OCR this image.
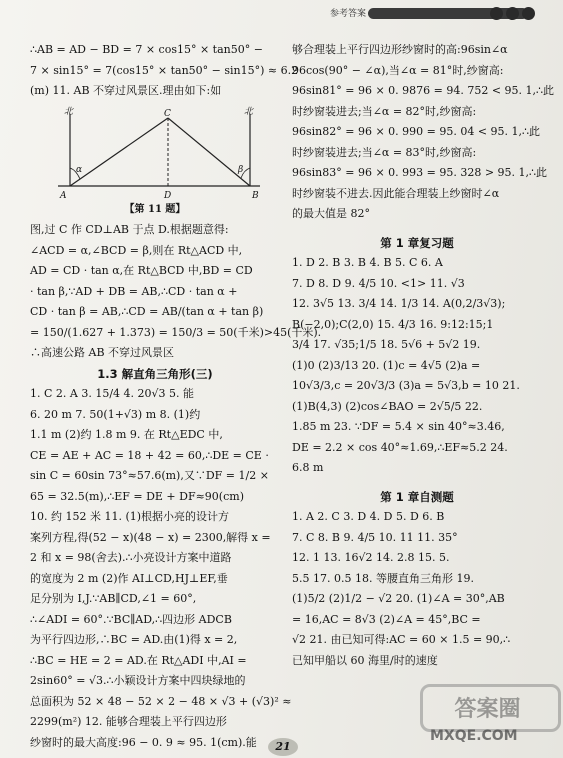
参考答案

∴AB = AD − BD = 7 × cos15° × tan50° −

7 × sin15° = 7(cos15° × tan50° − sin15°) ≈ 6.2

(m) 11. AB 不穿过风景区.理由如下:如

北	北
C
A	D	B
α	β

【第 11 题】

图,过 C 作 CD⊥AB 于点 D.根据题意得:

∠ACD = α,∠BCD = β,则在 Rt△ACD 中,

AD = CD · tan α,在 Rt△BCD 中,BD = CD

· tan β,∵AD + DB = AB,∴CD · tan α +

CD · tan β = AB,∴CD = AB/(tan α + tan β)

= 150/(1.627 + 1.373) = 150/3 = 50(千米)>45(千米).

∴高速公路 AB 不穿过风景区

1.3 解直角三角形(三)

1. C 2. A 3. 15/4 4. 20√3 5. 能

6. 20 m 7. 50(1+√3) m 8. (1)约

1.1 m (2)约 1.8 m 9. 在 Rt△EDC 中,

CE = AE + AC = 18 + 42 = 60,∴DE = CE ·

sin C = 60sin 73°≈57.6(m),又∵DF = 1/2 ×

65 = 32.5(m),∴EF = DE + DF≈90(cm)

10. 约 152 米 11. (1)根据小亮的设计方

案列方程,得(52 − x)(48 − x) = 2300,解得 x =

2 和 x = 98(舍去).∴小亮设计方案中道路

的宽度为 2 m (2)作 AI⊥CD,HJ⊥EF,垂

足分别为 I,J.∵AB∥CD,∠1 = 60°,

∴∠ADI = 60°.∵BC∥AD,∴四边形 ADCB

为平行四边形,∴BC = AD.由(1)得 x = 2,

∴BC = HE = 2 = AD.在 Rt△ADI 中,AI =

2sin60° = √3.∴小颖设计方案中四块绿地的

总面积为 52 × 48 − 52 × 2 − 48 × √3 + (√3)² ≈

2299(m²) 12. 能够合理装上平行四边形

纱窗时的最大高度:96 − 0. 9 ≈ 95. 1(cm).能

够合理装上平行四边形纱窗时的高:96sin∠α

96cos(90° − ∠α),当∠α = 81°时,纱窗高:

96sin81° = 96 × 0. 9876 = 94. 752 < 95. 1,∴此

时纱窗装进去;当∠α = 82°时,纱窗高:

96sin82° = 96 × 0. 990 = 95. 04 < 95. 1,∴此

时纱窗装进去;当∠α = 83°时,纱窗高:

96sin83° = 96 × 0. 993 = 95. 328 > 95. 1,∴此

时纱窗装不进去.因此能合理装上纱窗时∠α

的最大值是 82°

第 1 章复习题

1. D 2. B 3. B 4. B 5. C 6. A

7. D 8. D 9. 4/5 10. <1> 11. √3

12. 3√5 13. 3/4 14. 1/3 14. A(0,2/3√3);

B(−2,0);C(2,0) 15. 4/3 16. 9:12:15;1

3/4 17. √35;1/5 18. 5√6 + 5√2 19.

(1)0 (2)3/13 20. (1)c = 4√5 (2)a =

10√3/3,c = 20√3/3 (3)a = 5√3,b = 10 21.

(1)B(4,3) (2)cos∠BAO = 2√5/5 22.

1.85 m 23. ∵DF = 5.4 × sin 40°≈3.46,

DE = 2.2 × cos 40°≈1.69,∴EF≈5.2 24.

6.8 m

第 1 章自测题

1. A 2. C 3. D 4. D 5. D 6. B

7. C 8. B 9. 4/5 10. 11 11. 35°

12. 1 13. 16√2 14. 2.8 15. 5.

5.5 17. 0.5 18. 等腰直角三角形 19.

(1)5/2 (2)1/2 − √2 20. (1)∠A = 30°,AB

= 16,AC = 8√3 (2)∠A = 45°,BC =

√2 21. 由已知可得:AC = 60 × 1.5 = 90,∴

已知甲船以 60 海里/时的速度

21
答案圈
MXQE.COM
